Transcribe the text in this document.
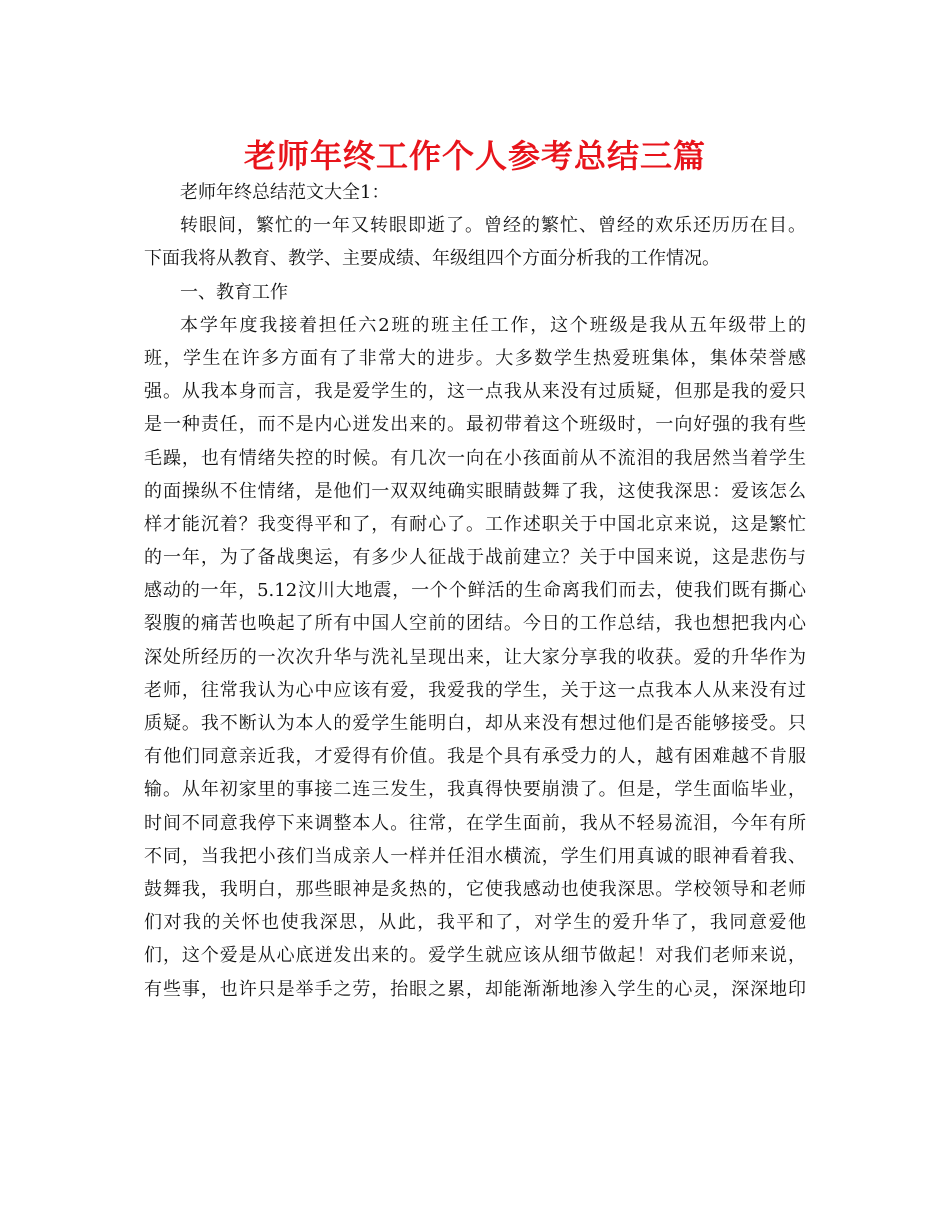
老师年终工作个人参考总结三篇
老师年终总结范文大全1：
转眼间，繁忙的一年又转眼即逝了。曾经的繁忙、曾经的欢乐还历历在目。
下面我将从教育、教学、主要成绩、年级组四个方面分析我的工作情况。
一、教育工作
本学年度我接着担任六2班的班主任工作，这个班级是我从五年级带上的
班，学生在许多方面有了非常大的进步。大多数学生热爱班集体，集体荣誉感
强。从我本身而言，我是爱学生的，这一点我从来没有过质疑，但那是我的爱只
是一种责任，而不是内心迸发出来的。最初带着这个班级时，一向好强的我有些
毛躁，也有情绪失控的时候。有几次一向在小孩面前从不流泪的我居然当着学生
的面操纵不住情绪，是他们一双双纯确实眼睛鼓舞了我，这使我深思：爱该怎么
样才能沉着？我变得平和了，有耐心了。工作述职关于中国北京来说，这是繁忙
的一年，为了备战奥运，有多少人征战于战前建立？关于中国来说，这是悲伤与
感动的一年，5.12汶川大地震，一个个鲜活的生命离我们而去，使我们既有撕心
裂腹的痛苦也唤起了所有中国人空前的团结。今日的工作总结，我也想把我内心
深处所经历的一次次升华与洗礼呈现出来，让大家分享我的收获。爱的升华作为
老师，往常我认为心中应该有爱，我爱我的学生，关于这一点我本人从来没有过
质疑。我不断认为本人的爱学生能明白，却从来没有想过他们是否能够接受。只
有他们同意亲近我，才爱得有价值。我是个具有承受力的人，越有困难越不肯服
输。从年初家里的事接二连三发生，我真得快要崩溃了。但是，学生面临毕业，
时间不同意我停下来调整本人。往常，在学生面前，我从不轻易流泪，今年有所
不同，当我把小孩们当成亲人一样并任泪水横流，学生们用真诚的眼神看着我、
鼓舞我，我明白，那些眼神是炙热的，它使我感动也使我深思。学校领导和老师
们对我的关怀也使我深思，从此，我平和了，对学生的爱升华了，我同意爱他
们，这个爱是从心底迸发出来的。爱学生就应该从细节做起！对我们老师来说，
有些事，也许只是举手之劳，抬眼之累，却能渐渐地渗入学生的心灵，深深地印
